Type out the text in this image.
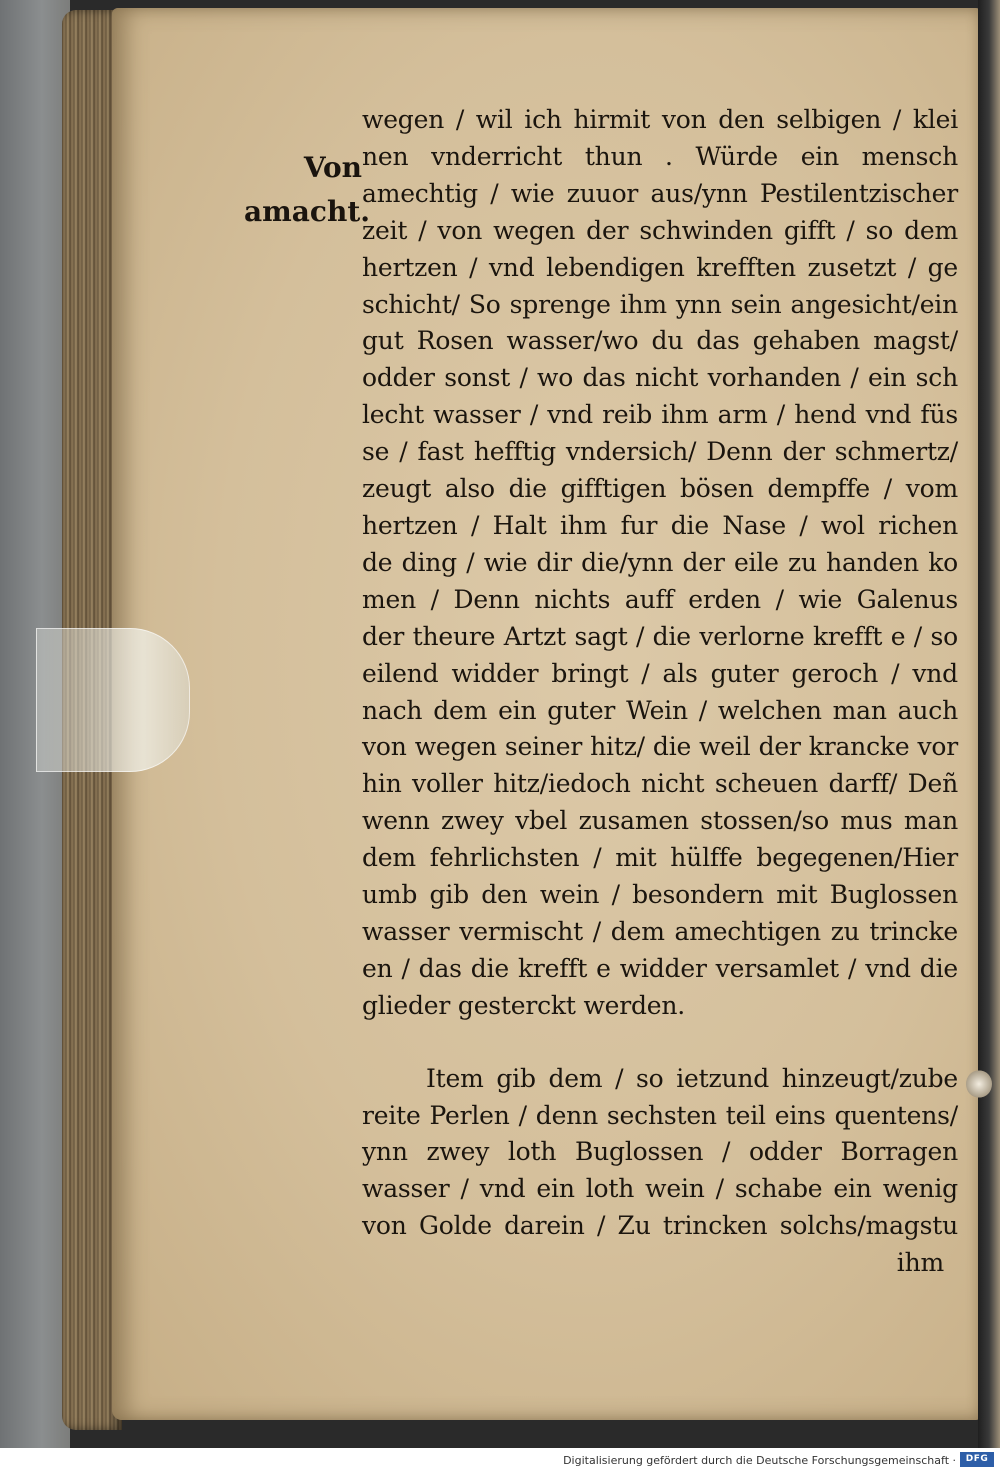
Von
amacht.
wegen / wil ich hirmit von den selbigen / klei
nen vnderricht thun . Würde ein mensch
amechtig / wie zuuor aus/ynn Pestilentzischer
zeit / von wegen der schwinden gifft / so dem
hertzen / vnd lebendigen krefften zusetzt / ge
schicht/ So sprenge ihm ynn sein angesicht/ein
gut Rosen wasser/wo du das gehaben magst/
odder sonst / wo das nicht vorhanden / ein sch
lecht wasser / vnd reib ihm arm / hend vnd füs
se / fast hefftig vndersich/ Denn der schmertz/
zeugt also die gifftigen bösen dempffe / vom
hertzen / Halt ihm fur die Nase / wol richen
de ding / wie dir die/ynn der eile zu handen ko
men / Denn nichts auff erden / wie Galenus
der theure Artzt sagt / die verlorne krefft e / so
eilend widder bringt / als guter geroch / vnd
nach dem ein guter Wein / welchen man auch
von wegen seiner hitz/ die weil der krancke vor
hin voller hitz/iedoch nicht scheuen darff/ Deñ
wenn zwey vbel zusamen stossen/so mus man
dem fehrlichsten / mit hülffe begegenen/Hier
umb gib den wein / besondern mit Buglossen
wasser vermischt / dem amechtigen zu trincke
en / das die krefft e widder versamlet / vnd die
glieder gesterckt werden.
Item gib dem / so ietzund hinzeugt/zube
reite Perlen / denn sechsten teil eins quentens/
ynn zwey loth Buglossen / odder Borragen
wasser / vnd ein loth wein / schabe ein wenig
von Golde darein / Zu trincken solchs/magstu
ihm
Digitalisierung gefördert durch die Deutsche Forschungsgemeinschaft ·	DFG
